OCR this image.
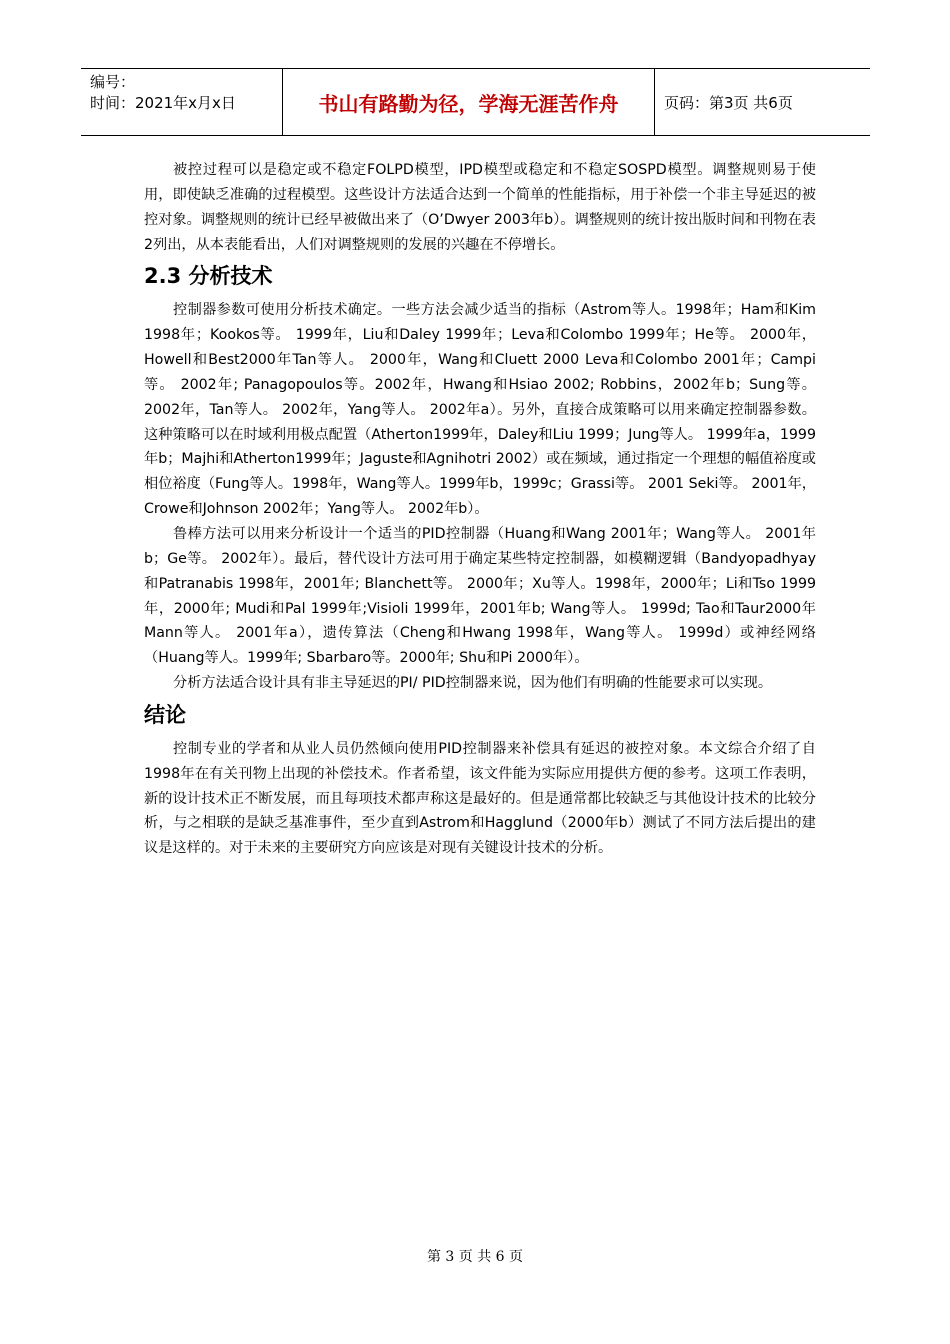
编号：
时间：2021年x月x日	书山有路勤为径，学海无涯苦作舟	页码：第3页 共6页

被控过程可以是稳定或不稳定FOLPD模型，IPD模型或稳定和不稳定SOSPD模型。调整规则易于使用，即使缺乏准确的过程模型。这些设计方法适合达到一个简单的性能指标，用于补偿一个非主导延迟的被控对象。调整规则的统计已经早被做出来了（O’Dwyer 2003年b）。调整规则的统计按出版时间和刊物在表2列出，从本表能看出，人们对调整规则的发展的兴趣在不停增长。

2.3 分析技术

控制器参数可使用分析技术确定。一些方法会减少适当的指标（Astrom等人。1998年；Ham和Kim 1998年；Kookos等。 1999年，Liu和Daley 1999年；Leva和Colombo 1999年；He等。 2000年，Howell和Best2000年Tan等人。 2000年，Wang和Cluett 2000 Leva和Colombo 2001年；Campi等。 2002年; Panagopoulos等。2002年，Hwang和Hsiao 2002; Robbins，2002年b；Sung等。2002年，Tan等人。 2002年，Yang等人。 2002年a）。另外，直接合成策略可以用来确定控制器参数。这种策略可以在时域利用极点配置（Atherton1999年，Daley和Liu 1999；Jung等人。 1999年a，1999年b；Majhi和Atherton1999年；Jaguste和Agnihotri 2002）或在频域，通过指定一个理想的幅值裕度或相位裕度（Fung等人。1998年，Wang等人。1999年b，1999c；Grassi等。 2001 Seki等。 2001年，Crowe和Johnson 2002年；Yang等人。 2002年b）。

鲁棒方法可以用来分析设计一个适当的PID控制器（Huang和Wang 2001年；Wang等人。 2001年b；Ge等。 2002年）。最后，替代设计方法可用于确定某些特定控制器，如模糊逻辑（Bandyopadhyay和Patranabis 1998年，2001年; Blanchett等。 2000年；Xu等人。1998年，2000年；Li和Tso 1999年，2000年; Mudi和Pal 1999年;Visioli 1999年，2001年b; Wang等人。 1999d; Tao和Taur2000年Mann等人。 2001年a），遗传算法（Cheng和Hwang 1998年，Wang等人。 1999d）或神经网络（Huang等人。1999年; Sbarbaro等。2000年; Shu和Pi 2000年）。

分析方法适合设计具有非主导延迟的PI/ PID控制器来说，因为他们有明确的性能要求可以实现。

结论

控制专业的学者和从业人员仍然倾向使用PID控制器来补偿具有延迟的被控对象。本文综合介绍了自1998年在有关刊物上出现的补偿技术。作者希望，该文件能为实际应用提供方便的参考。这项工作表明，新的设计技术正不断发展，而且每项技术都声称这是最好的。但是通常都比较缺乏与其他设计技术的比较分析，与之相联的是缺乏基准事件，至少直到Astrom和Hagglund（2000年b）测试了不同方法后提出的建议是这样的。对于未来的主要研究方向应该是对现有关键设计技术的分析。

第 3 页 共 6 页
